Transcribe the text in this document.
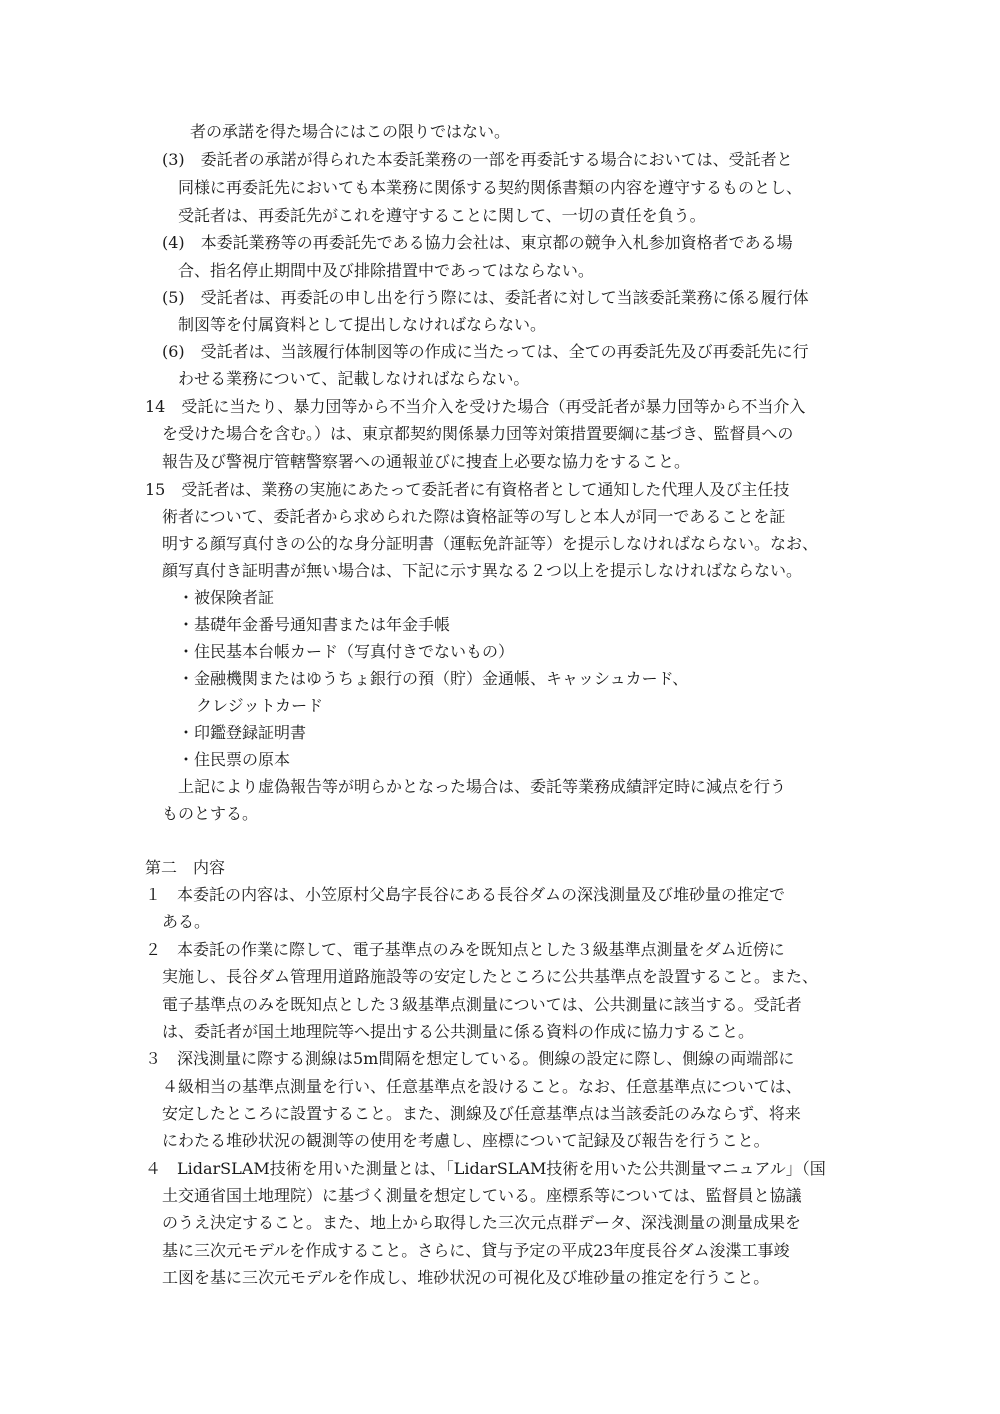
者の承諾を得た場合にはこの限りではない。
(3)　委託者の承諾が得られた本委託業務の一部を再委託する場合においては、受託者と
同様に再委託先においても本業務に関係する契約関係書類の内容を遵守するものとし、
受託者は、再委託先がこれを遵守することに関して、一切の責任を負う。
(4)　本委託業務等の再委託先である協力会社は、東京都の競争入札参加資格者である場
合、指名停止期間中及び排除措置中であってはならない。
(5)　受託者は、再委託の申し出を行う際には、委託者に対して当該委託業務に係る履行体
制図等を付属資料として提出しなければならない。
(6)　受託者は、当該履行体制図等の作成に当たっては、全ての再委託先及び再委託先に行
わせる業務について、記載しなければならない。
14　受託に当たり、暴力団等から不当介入を受けた場合（再受託者が暴力団等から不当介入
を受けた場合を含む。）は、東京都契約関係暴力団等対策措置要綱に基づき、監督員への
報告及び警視庁管轄警察署への通報並びに捜査上必要な協力をすること。
15　受託者は、業務の実施にあたって委託者に有資格者として通知した代理人及び主任技
術者について、委託者から求められた際は資格証等の写しと本人が同一であることを証
明する顔写真付きの公的な身分証明書（運転免許証等）を提示しなければならない。なお、
顔写真付き証明書が無い場合は、下記に示す異なる２つ以上を提示しなければならない。
・被保険者証
・基礎年金番号通知書または年金手帳
・住民基本台帳カード（写真付きでないもの）
・金融機関またはゆうちょ銀行の預（貯）金通帳、キャッシュカード、
クレジットカード
・印鑑登録証明書
・住民票の原本
上記により虚偽報告等が明らかとなった場合は、委託等業務成績評定時に減点を行う
ものとする。
第二　内容
１　本委託の内容は、小笠原村父島字長谷にある長谷ダムの深浅測量及び堆砂量の推定で
ある。
２　本委託の作業に際して、電子基準点のみを既知点とした３級基準点測量をダム近傍に
実施し、長谷ダム管理用道路施設等の安定したところに公共基準点を設置すること。また、
電子基準点のみを既知点とした３級基準点測量については、公共測量に該当する。受託者
は、委託者が国土地理院等へ提出する公共測量に係る資料の作成に協力すること。
３　深浅測量に際する測線は5m間隔を想定している。側線の設定に際し、側線の両端部に
４級相当の基準点測量を行い、任意基準点を設けること。なお、任意基準点については、
安定したところに設置すること。また、測線及び任意基準点は当該委託のみならず、将来
にわたる堆砂状況の観測等の使用を考慮し、座標について記録及び報告を行うこと。
４　LidarSLAM技術を用いた測量とは、「LidarSLAM技術を用いた公共測量マニュアル」（国
土交通省国土地理院）に基づく測量を想定している。座標系等については、監督員と協議
のうえ決定すること。また、地上から取得した三次元点群データ、深浅測量の測量成果を
基に三次元モデルを作成すること。さらに、貸与予定の平成23年度長谷ダム浚渫工事竣
工図を基に三次元モデルを作成し、堆砂状況の可視化及び堆砂量の推定を行うこと。
